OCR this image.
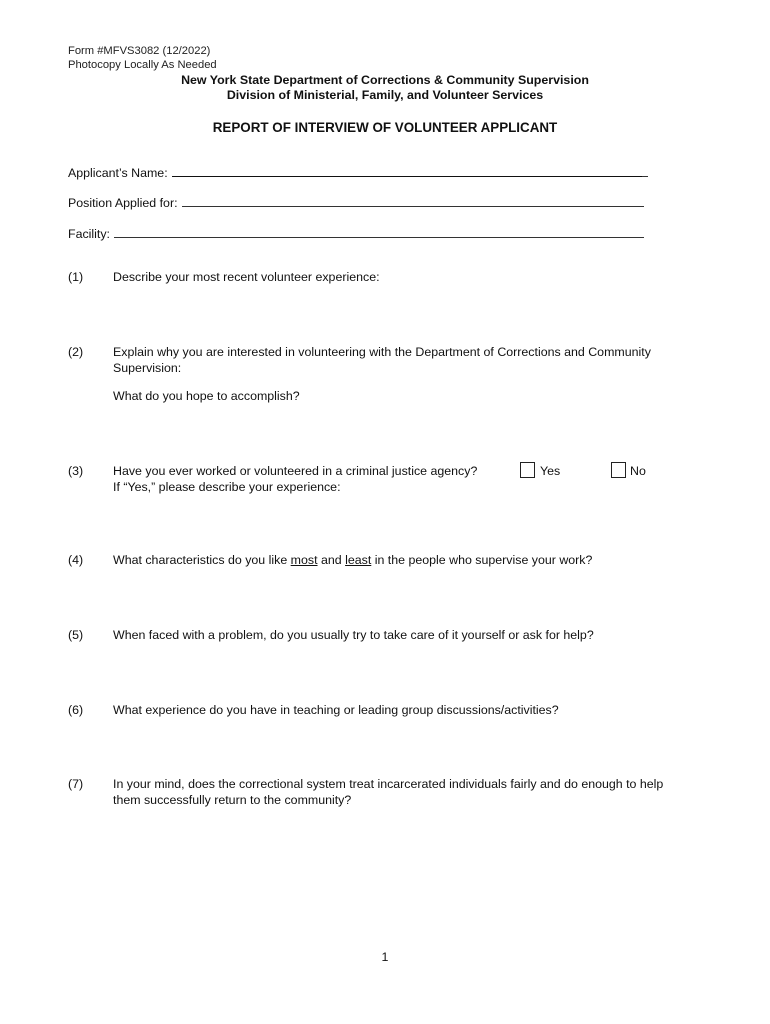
Form #MFVS3082 (12/2022)
Photocopy Locally As Needed
New York State Department of Corrections & Community Supervision
Division of Ministerial, Family, and Volunteer Services
REPORT OF INTERVIEW OF VOLUNTEER APPLICANT
Applicant’s Name:
Position Applied for:
Facility:
(1) Describe your most recent volunteer experience:
(2) Explain why you are interested in volunteering with the Department of Corrections and Community
Supervision:
What do you hope to accomplish?
(3) Have you ever worked or volunteered in a criminal justice agency?
If “Yes,” please describe your experience:
Yes	No
(4) What characteristics do you like most and least in the people who supervise your work?
(5) When faced with a problem, do you usually try to take care of it yourself or ask for help?
(6) What experience do you have in teaching or leading group discussions/activities?
(7) In your mind, does the correctional system treat incarcerated individuals fairly and do enough to help
them successfully return to the community?
1
